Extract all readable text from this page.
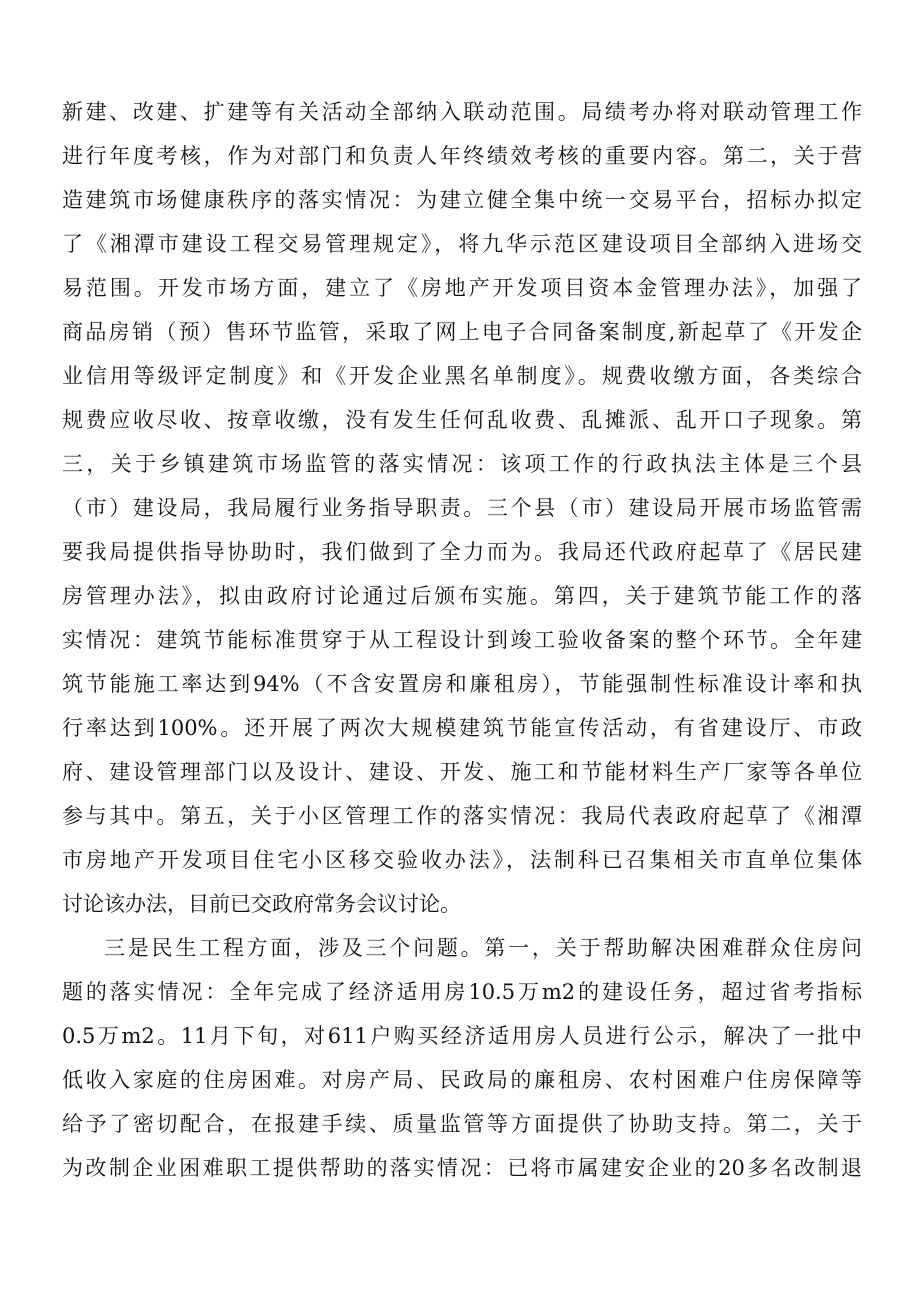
新建、改建、扩建等有关活动全部纳入联动范围。局绩考办将对联动管理工作
进行年度考核，作为对部门和负责人年终绩效考核的重要内容。第二，关于营
造建筑市场健康秩序的落实情况：为建立健全集中统一交易平台，招标办拟定
了《湘潭市建设工程交易管理规定》，将九华示范区建设项目全部纳入进场交
易范围。开发市场方面，建立了《房地产开发项目资本金管理办法》，加强了
商品房销（预）售环节监管，采取了网上电子合同备案制度,新起草了《开发企
业信用等级评定制度》和《开发企业黑名单制度》。规费收缴方面，各类综合
规费应收尽收、按章收缴，没有发生任何乱收费、乱摊派、乱开口子现象。第
三，关于乡镇建筑市场监管的落实情况：该项工作的行政执法主体是三个县
（市）建设局，我局履行业务指导职责。三个县（市）建设局开展市场监管需
要我局提供指导协助时，我们做到了全力而为。我局还代政府起草了《居民建
房管理办法》，拟由政府讨论通过后颁布实施。第四，关于建筑节能工作的落
实情况：建筑节能标准贯穿于从工程设计到竣工验收备案的整个环节。全年建
筑节能施工率达到94%（不含安置房和廉租房），节能强制性标准设计率和执
行率达到100%。还开展了两次大规模建筑节能宣传活动，有省建设厅、市政
府、建设管理部门以及设计、建设、开发、施工和节能材料生产厂家等各单位
参与其中。第五，关于小区管理工作的落实情况：我局代表政府起草了《湘潭
市房地产开发项目住宅小区移交验收办法》，法制科已召集相关市直单位集体
讨论该办法，目前已交政府常务会议讨论。
三是民生工程方面，涉及三个问题。第一，关于帮助解决困难群众住房问
题的落实情况：全年完成了经济适用房10.5万m2的建设任务，超过省考指标
0.5万m2。11月下旬，对611户购买经济适用房人员进行公示，解决了一批中
低收入家庭的住房困难。对房产局、民政局的廉租房、农村困难户住房保障等
给予了密切配合，在报建手续、质量监管等方面提供了协助支持。第二，关于
为改制企业困难职工提供帮助的落实情况：已将市属建安企业的20多名改制退
